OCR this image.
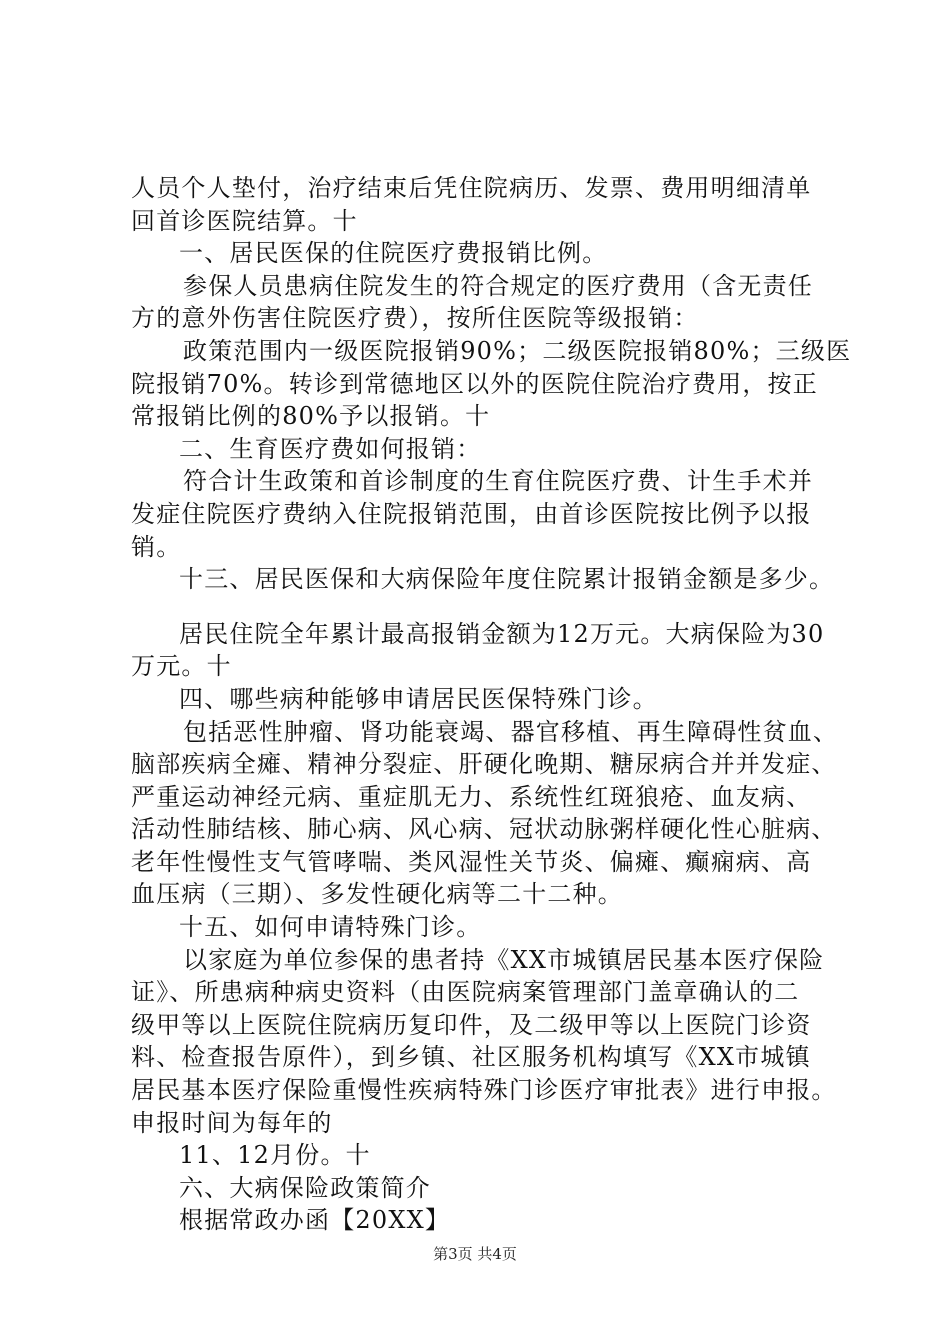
人员个人垫付，治疗结束后凭住院病历、发票、费用明细清单
回首诊医院结算。十
一、居民医保的住院医疗费报销比例。
参保人员患病住院发生的符合规定的医疗费用（含无责任
方的意外伤害住院医疗费），按所住医院等级报销：
政策范围内一级医院报销90%；二级医院报销80%；三级医
院报销70%。转诊到常德地区以外的医院住院治疗费用，按正
常报销比例的80%予以报销。十
二、生育医疗费如何报销：
符合计生政策和首诊制度的生育住院医疗费、计生手术并
发症住院医疗费纳入住院报销范围，由首诊医院按比例予以报
销。
十三、居民医保和大病保险年度住院累计报销金额是多少。
居民住院全年累计最高报销金额为12万元。大病保险为30
万元。十
四、哪些病种能够申请居民医保特殊门诊。
包括恶性肿瘤、肾功能衰竭、器官移植、再生障碍性贫血、
脑部疾病全瘫、精神分裂症、肝硬化晚期、糖尿病合并并发症、
严重运动神经元病、重症肌无力、系统性红斑狼疮、血友病、
活动性肺结核、肺心病、风心病、冠状动脉粥样硬化性心脏病、
老年性慢性支气管哮喘、类风湿性关节炎、偏瘫、癫痫病、高
血压病（三期）、多发性硬化病等二十二种。
十五、如何申请特殊门诊。
以家庭为单位参保的患者持《XX市城镇居民基本医疗保险
证》、所患病种病史资料（由医院病案管理部门盖章确认的二
级甲等以上医院住院病历复印件，及二级甲等以上医院门诊资
料、检查报告原件），到乡镇、社区服务机构填写《XX市城镇
居民基本医疗保险重慢性疾病特殊门诊医疗审批表》进行申报。
申报时间为每年的
11、12月份。十
六、大病保险政策简介
根据常政办函【20XX】
第3页 共4页
